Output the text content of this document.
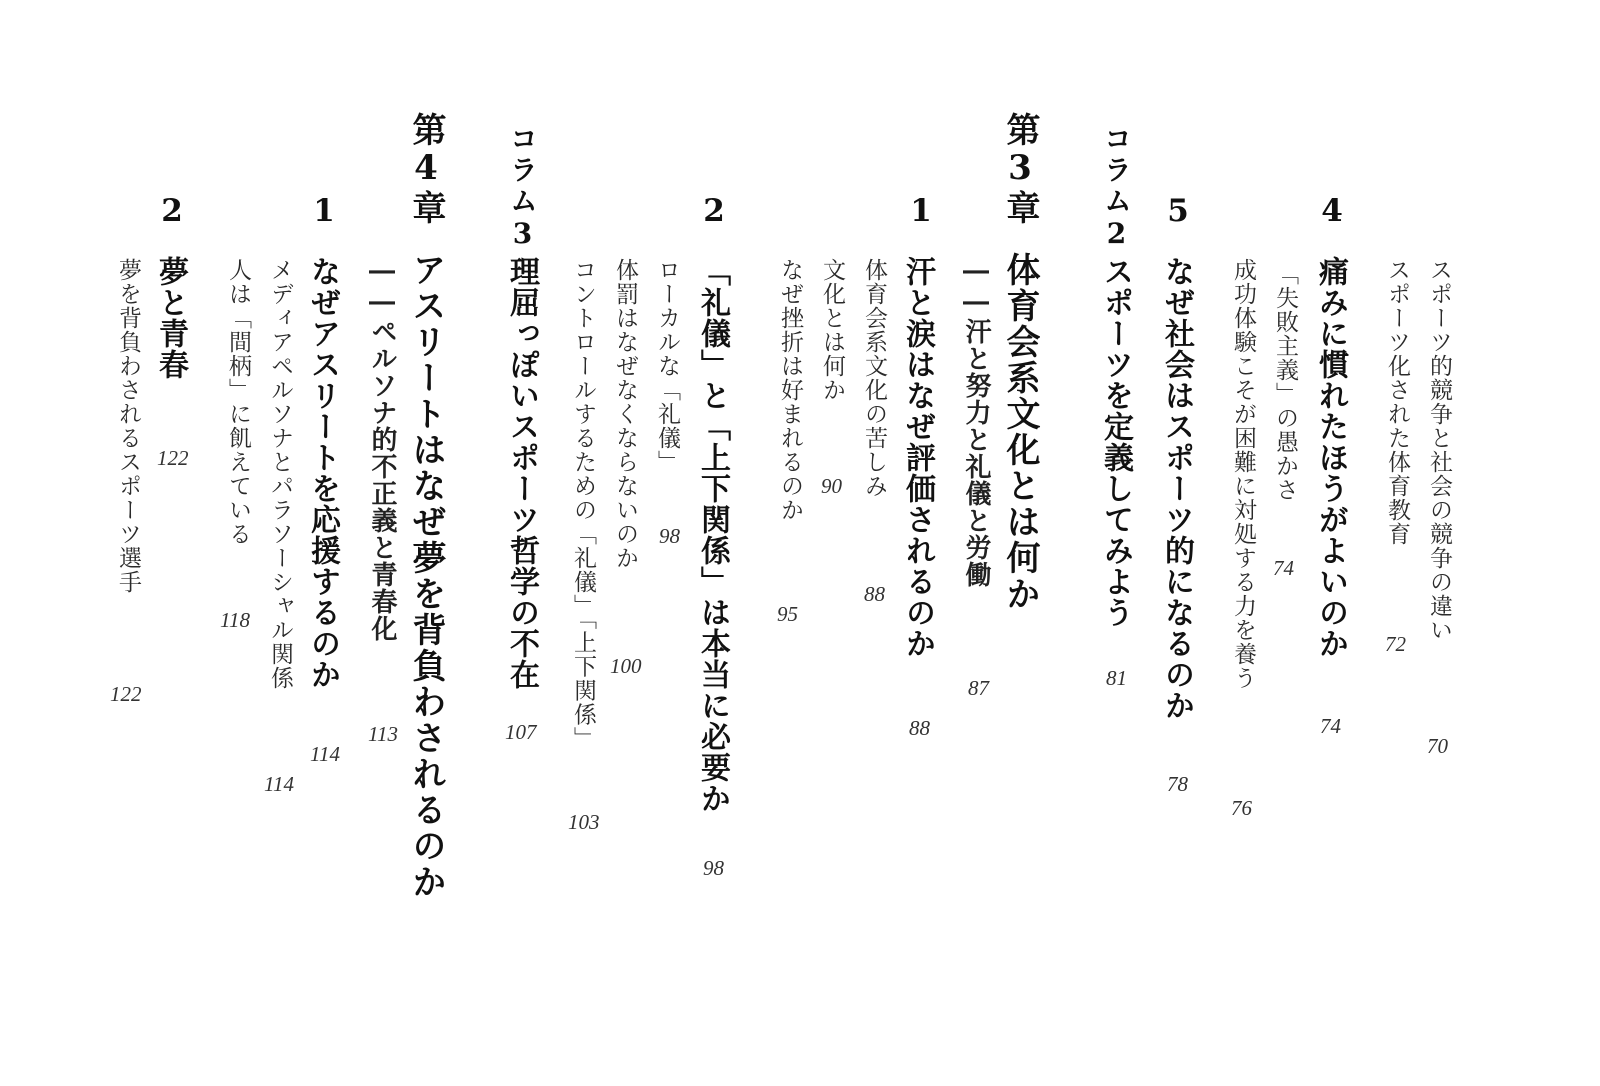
スポーツ的競争と社会の競争の違い
70
スポーツ化された体育教育
72
4
痛みに慣れたほうがよいのか
74
「失敗主義」の愚かさ
74
成功体験こそが困難に対処する力を養う
76
5
なぜ社会はスポーツ的になるのか
78
コラム2
スポーツを定義してみよう
81
第3章
体育会系文化とは何か
――汗と努力と礼儀と労働
87
1
汗と涙はなぜ評価されるのか
88
体育会系文化の苦しみ
88
文化とは何か
90
なぜ挫折は好まれるのか
95
2
「礼儀」と「上下関係」は本当に必要か
98
ローカルな「礼儀」
98
体罰はなぜなくならないのか
100
コントロールするための「礼儀」「上下関係」
103
コラム3
理屈っぽいスポーツ哲学の不在
107
第4章
アスリートはなぜ夢を背負わされるのか
――ペルソナ的不正義と青春化
113
1
なぜアスリートを応援するのか
114
メディアペルソナとパラソーシャル関係
114
人は「間柄」に飢えている
118
2
夢と青春
122
夢を背負わされるスポーツ選手
122
